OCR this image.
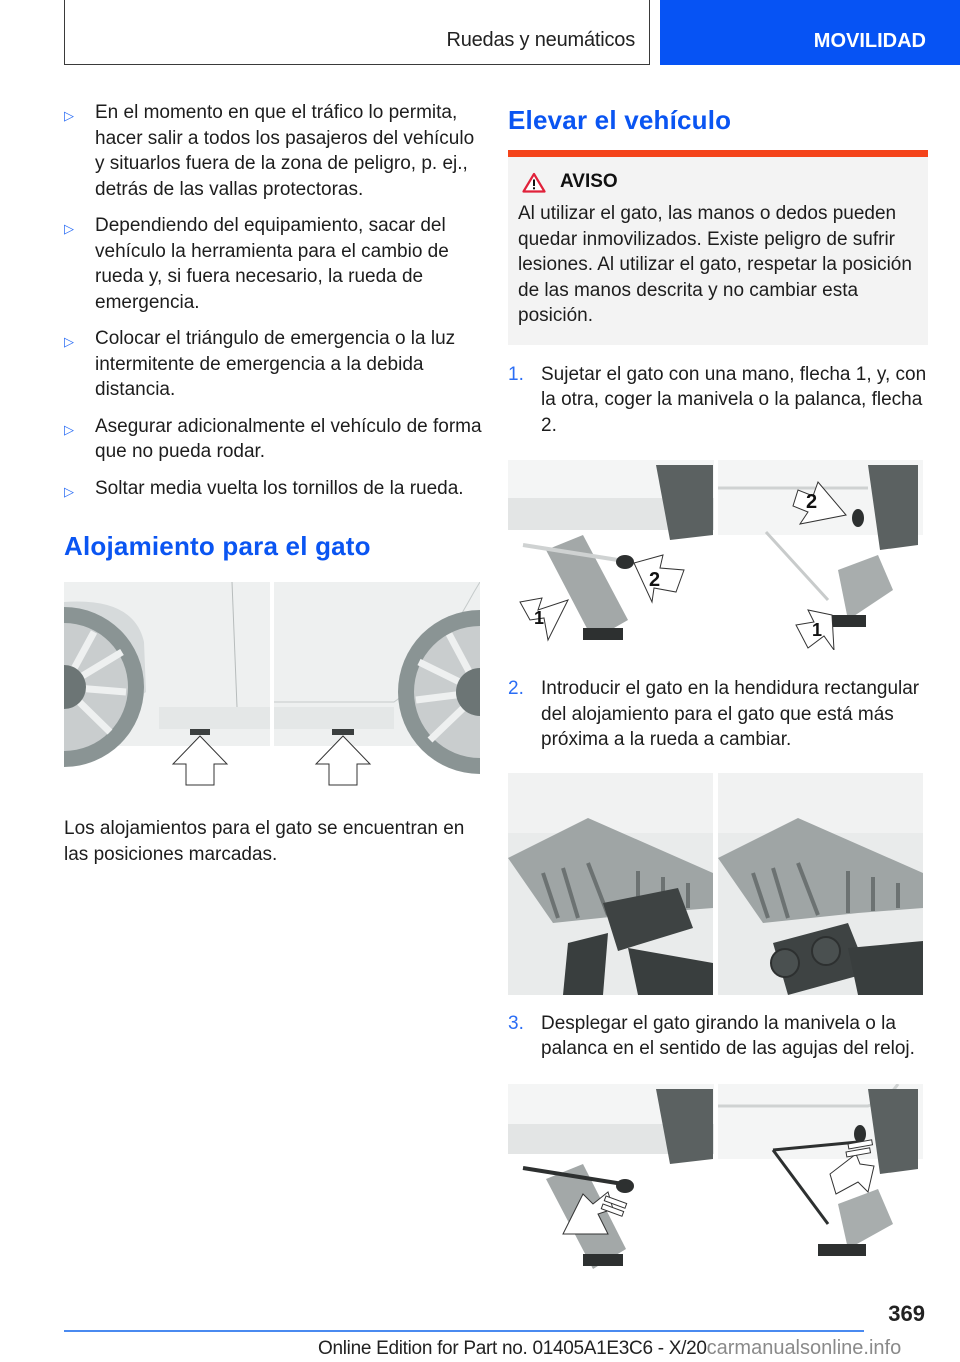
Ruedas y neumáticos	MOVILIDAD
▷ En el momento en que el tráfico lo permita, hacer salir a todos los pasajeros del vehículo y situarlos fuera de la zona de peligro, p. ej., detrás de las vallas protectoras.
▷ Dependiendo del equipamiento, sacar del vehículo la herramienta para el cambio de rueda y, si fuera necesario, la rueda de emergencia.
▷ Colocar el triángulo de emergencia o la luz intermitente de emergencia a la debida distancia.
▷ Asegurar adicionalmente el vehículo de forma que no pueda rodar.
▷ Soltar media vuelta los tornillos de la rueda.
Alojamiento para el gato

Los alojamientos para el gato se encuentran en las posiciones marcadas.

Elevar el vehículo
AVISO

Al utilizar el gato, las manos o dedos pueden quedar inmovilizados. Existe peligro de sufrir lesiones. Al utilizar el gato, respetar la posición de las manos descrita y no cambiar esta posición.

1. Sujetar el gato con una mano, flecha 1, y, con la otra, coger la manivela o la palanca, flecha 2.
2
1
2
1
2. Introducir el gato en la hendidura rectangular del alojamiento para el gato que está más próxima a la rueda a cambiar.
3. Desplegar el gato girando la manivela o la palanca en el sentido de las agujas del reloj.
369
Online Edition for Part no. 01405A1E3C6 - X/20carmanualsonline.info
